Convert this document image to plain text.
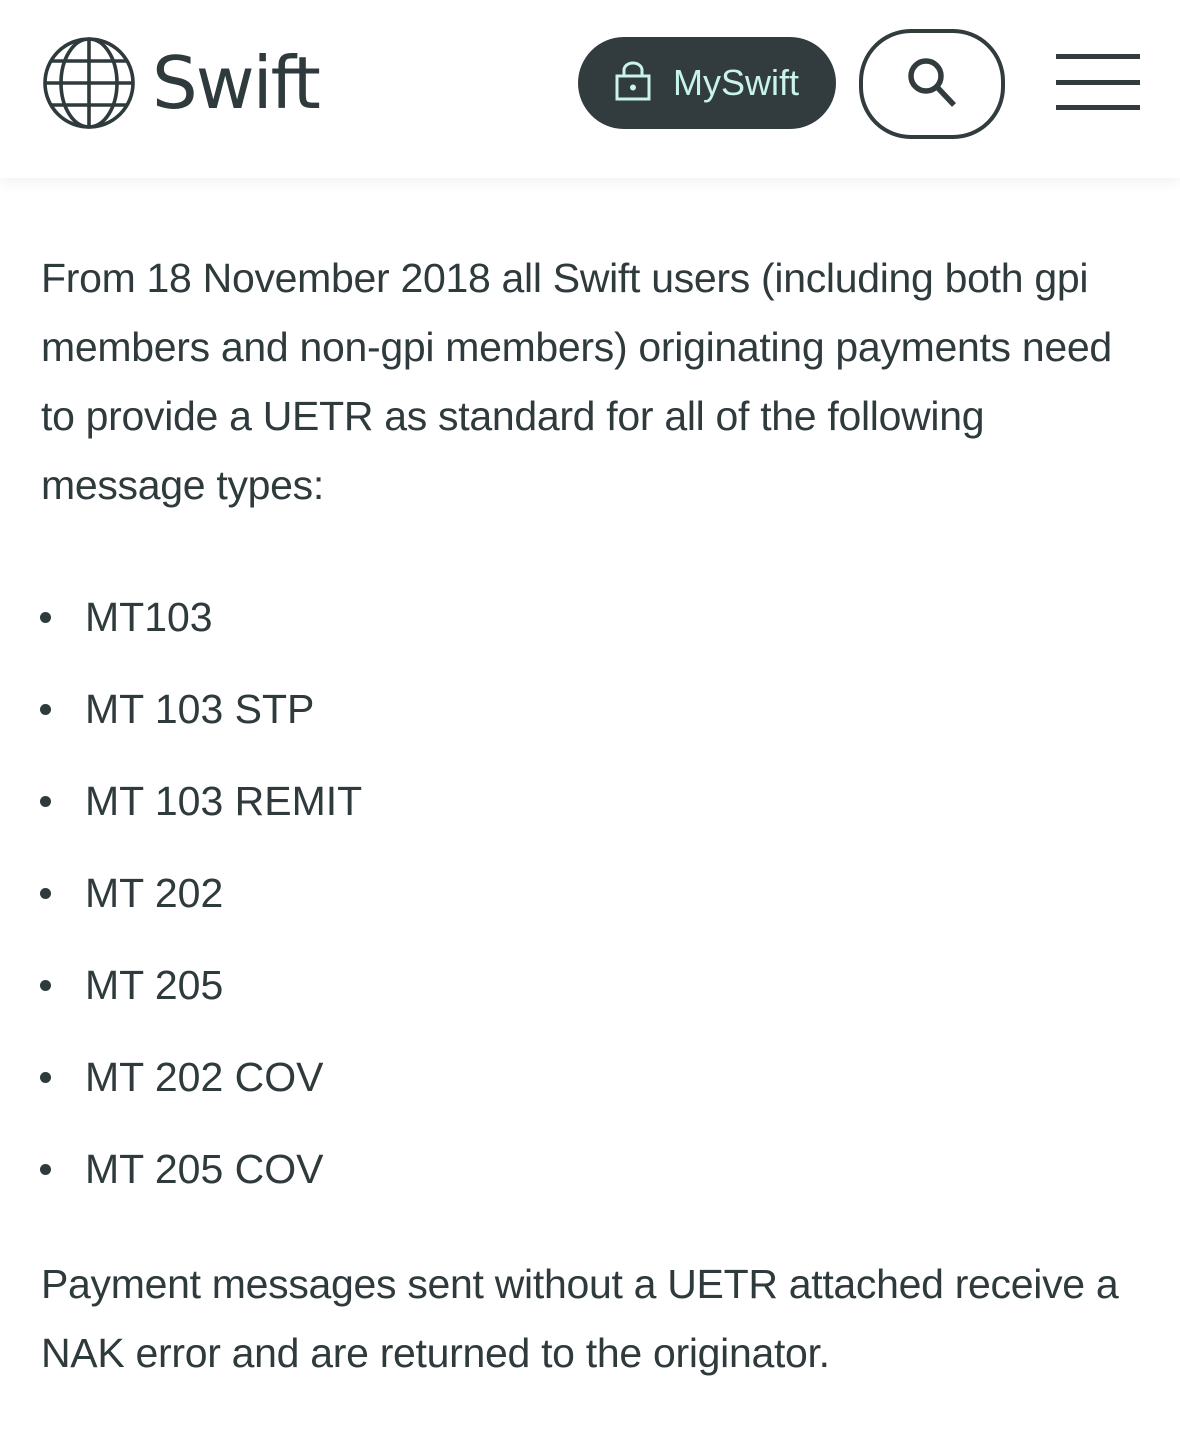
Swift	MySwift

From 18 November 2018 all Swift users (including both gpi members and non-gpi members) originating payments need to provide a UETR as standard for all of the following message types:

MT103
MT 103 STP
MT 103 REMIT
MT 202
MT 205
MT 202 COV
MT 205 COV

Payment messages sent without a UETR attached receive a NAK error and are returned to the originator.
